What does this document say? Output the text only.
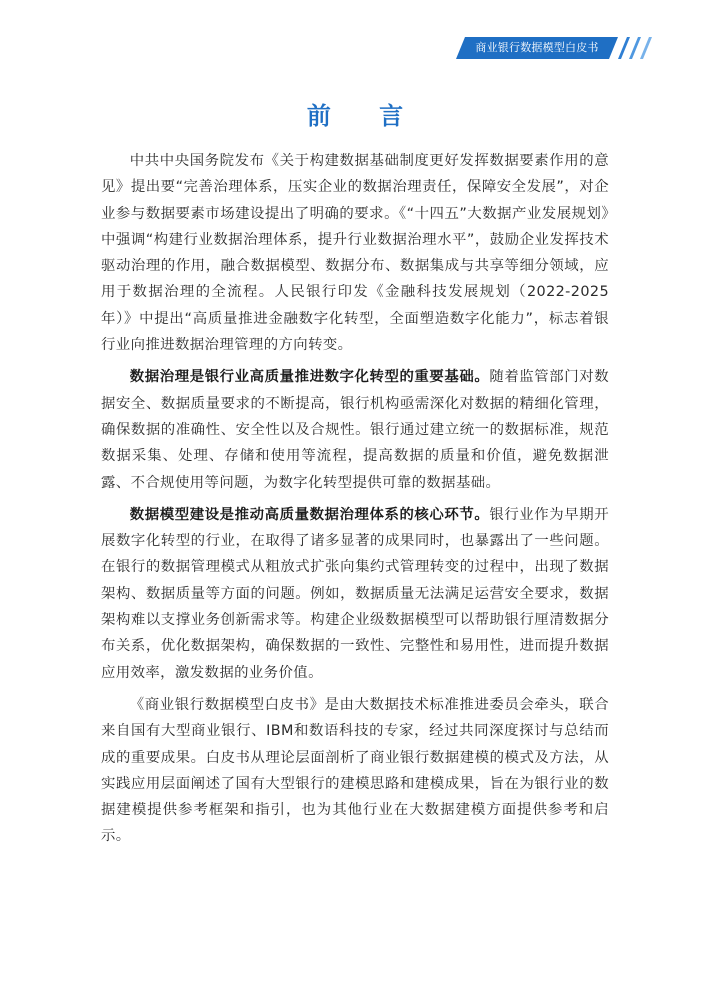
商业银行数据模型白皮书
前 言

中共中央国务院发布《关于构建数据基础制度更好发挥数据要素作用的意见》提出要“完善治理体系，压实企业的数据治理责任，保障安全发展”，对企业参与数据要素市场建设提出了明确的要求。《“十四五”大数据产业发展规划》中强调“构建行业数据治理体系，提升行业数据治理水平”，鼓励企业发挥技术驱动治理的作用，融合数据模型、数据分布、数据集成与共享等细分领域，应用于数据治理的全流程。人民银行印发《金融科技发展规划（2022-2025年）》中提出“高质量推进金融数字化转型，全面塑造数字化能力”，标志着银行业向推进数据治理管理的方向转变。

数据治理是银行业高质量推进数字化转型的重要基础。随着监管部门对数据安全、数据质量要求的不断提高，银行机构亟需深化对数据的精细化管理，确保数据的准确性、安全性以及合规性。银行通过建立统一的数据标准，规范数据采集、处理、存储和使用等流程，提高数据的质量和价值，避免数据泄露、不合规使用等问题，为数字化转型提供可靠的数据基础。

数据模型建设是推动高质量数据治理体系的核心环节。银行业作为早期开展数字化转型的行业，在取得了诸多显著的成果同时，也暴露出了一些问题。在银行的数据管理模式从粗放式扩张向集约式管理转变的过程中，出现了数据架构、数据质量等方面的问题。例如，数据质量无法满足运营安全要求，数据架构难以支撑业务创新需求等。构建企业级数据模型可以帮助银行厘清数据分布关系，优化数据架构，确保数据的一致性、完整性和易用性，进而提升数据应用效率，激发数据的业务价值。

《商业银行数据模型白皮书》是由大数据技术标准推进委员会牵头，联合来自国有大型商业银行、IBM和数语科技的专家，经过共同深度探讨与总结而成的重要成果。白皮书从理论层面剖析了商业银行数据建模的模式及方法，从实践应用层面阐述了国有大型银行的建模思路和建模成果，旨在为银行业的数据建模提供参考框架和指引，也为其他行业在大数据建模方面提供参考和启示。
